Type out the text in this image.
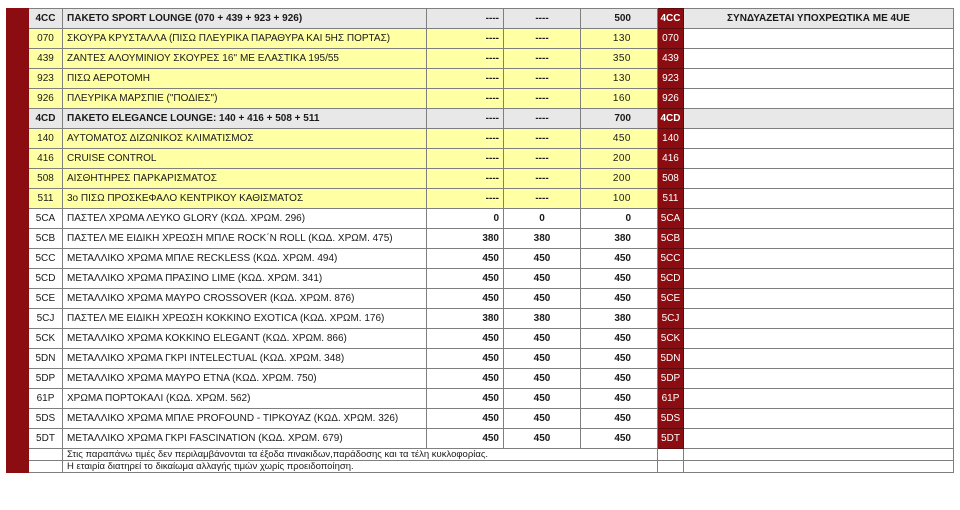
	4CC	ΠΑΚΕΤΟ SPORT LOUNGE (070 + 439 + 923 + 926)	----	----	500	4CC	ΣΥΝΔΥΑΖΕΤΑΙ ΥΠΟΧΡΕΩΤΙΚΑ ΜΕ 4UE
	070	ΣΚΟΥΡΑ ΚΡΥΣΤΑΛΛΑ (ΠΙΣΩ ΠΛΕΥΡΙΚΑ ΠΑΡΑΘΥΡΑ ΚΑΙ 5ΗΣ ΠΟΡΤΑΣ)	----	----	130	070	
	439	ΖΑΝΤΕΣ ΑΛΟΥΜΙΝΙΟΥ ΣΚΟΥΡΕΣ 16'' ΜΕ ΕΛΑΣΤΙΚΑ 195/55	----	----	350	439	
	923	ΠΙΣΩ ΑΕΡΟΤΟΜΗ	----	----	130	923	
	926	ΠΛΕΥΡΙΚΑ ΜΑΡΣΠΙΕ ("ΠΟΔΙΕΣ")	----	----	160	926	
	4CD	ΠΑΚΕΤΟ ELEGANCE LOUNGE: 140 + 416 + 508 + 511	----	----	700	4CD	
	140	ΑΥΤΟΜΑΤΟΣ ΔΙΖΩΝΙΚΟΣ ΚΛΙΜΑΤΙΣΜΟΣ	----	----	450	140	
	416	CRUISE CONTROL	----	----	200	416	
	508	ΑΙΣΘΗΤΗΡΕΣ ΠΑΡΚΑΡΙΣΜΑΤΟΣ	----	----	200	508	
	511	3ο ΠΙΣΩ ΠΡΟΣΚΕΦΑΛΟ ΚΕΝΤΡΙΚΟΥ ΚΑΘΙΣΜΑΤΟΣ	----	----	100	511	
	5CA	ΠΑΣΤΕΛ ΧΡΩΜΑ ΛΕΥΚΟ GLORY (ΚΩΔ. ΧΡΩΜ. 296)	0	0	0	5CA	
	5CB	ΠΑΣΤΕΛ ΜΕ ΕΙΔΙΚΗ ΧΡΕΩΣΗ ΜΠΛΕ ROCK΄Ν ROLL (ΚΩΔ. ΧΡΩΜ. 475)	380	380	380	5CB	
	5CC	ΜΕΤΑΛΛΙΚΟ ΧΡΩΜΑ ΜΠΛΕ RECKLESS (ΚΩΔ. ΧΡΩΜ. 494)	450	450	450	5CC	
	5CD	ΜΕΤΑΛΛΙΚΟ ΧΡΩΜΑ ΠΡΑΣΙΝΟ LIME (ΚΩΔ. ΧΡΩΜ. 341)	450	450	450	5CD	
	5CE	ΜΕΤΑΛΛΙΚΟ ΧΡΩΜΑ ΜΑΥΡΟ CROSSOVER (ΚΩΔ. ΧΡΩΜ. 876)	450	450	450	5CE	
	5CJ	ΠΑΣΤΕΛ ΜΕ ΕΙΔΙΚΗ ΧΡΕΩΣΗ ΚΟΚΚΙΝΟ EXOTICA (ΚΩΔ. ΧΡΩΜ. 176)	380	380	380	5CJ	
	5CK	ΜΕΤΑΛΛΙΚΟ ΧΡΩΜΑ ΚΟΚΚΙΝΟ ELEGANT (ΚΩΔ. ΧΡΩΜ. 866)	450	450	450	5CK	
	5DN	ΜΕΤΑΛΛΙΚΟ ΧΡΩΜΑ ΓΚΡΙ INTELECTUAL (ΚΩΔ. ΧΡΩΜ. 348)	450	450	450	5DN	
	5DP	ΜΕΤΑΛΛΙΚΟ ΧΡΩΜΑ ΜΑΥΡΟ ETNA (ΚΩΔ. ΧΡΩΜ. 750)	450	450	450	5DP	
	61P	ΧΡΩΜΑ ΠΟΡΤΟΚΑΛΙ (ΚΩΔ. ΧΡΩΜ. 562)	450	450	450	61P	
	5DS	ΜΕΤΑΛΛΙΚΟ ΧΡΩΜΑ ΜΠΛΕ PROFOUND - ΤΙΡΚΟΥΑΖ (ΚΩΔ. ΧΡΩΜ. 326)	450	450	450	5DS	
	5DT	ΜΕΤΑΛΛΙΚΟ ΧΡΩΜΑ ΓΚΡΙ FASCINATION (ΚΩΔ. ΧΡΩΜ. 679)	450	450	450	5DT	
		Στις παραπάνω τιμές δεν περιλαμβάνονται τα έξοδα πινακιδων,παράδοσης και τα τέλη κυκλοφορίας.					
		Η εταιρία διατηρεί το δικαίωμα αλλαγής τιμών χωρίς προειδοποίηση.					
